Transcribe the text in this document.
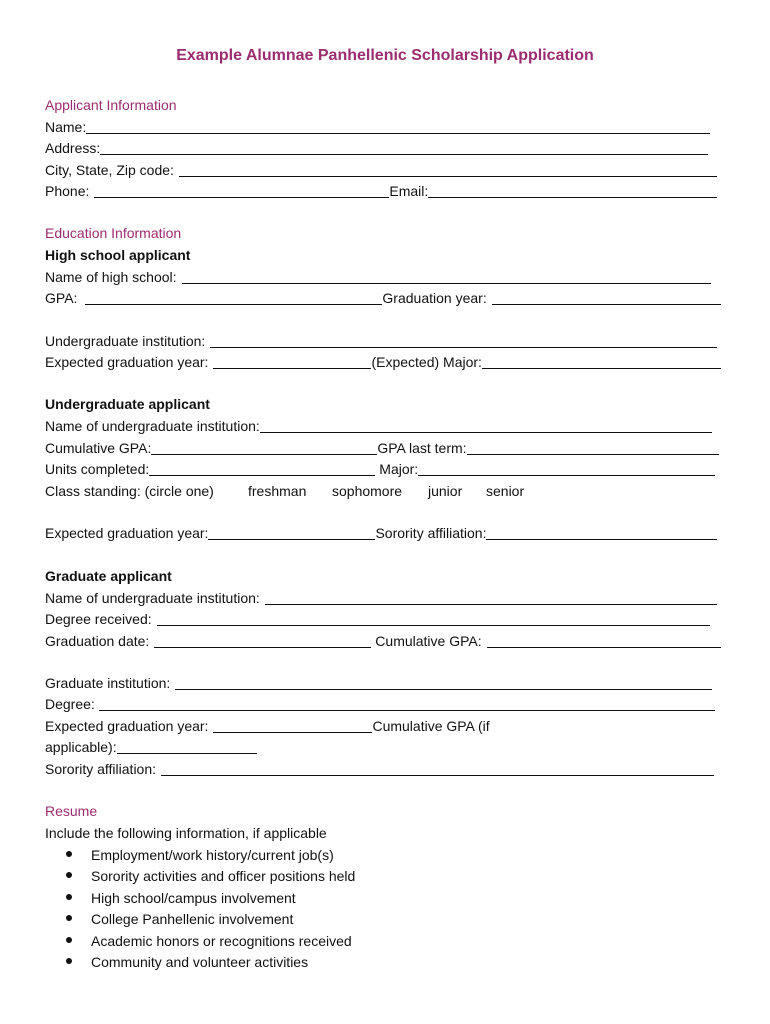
Example Alumnae Panhellenic Scholarship Application
Applicant Information
Name:
Address:
City, State, Zip code:
Phone:	Email:
Education Information
High school applicant
Name of high school:
GPA:	Graduation year:
Undergraduate institution:
Expected graduation year:	(Expected) Major:
Undergraduate applicant
Name of undergraduate institution:
Cumulative GPA:	GPA last term:
Units completed:	Major:
Class standing: (circle one) freshman sophomore junior senior
Expected graduation year:	Sorority affiliation:
Graduate applicant
Name of undergraduate institution:
Degree received:
Graduation date:	Cumulative GPA:
Graduate institution:
Degree:
Expected graduation year:	Cumulative GPA (if
applicable):
Sorority affiliation:
Resume
Include the following information, if applicable
Employment/work history/current job(s)
Sorority activities and officer positions held
High school/campus involvement
College Panhellenic involvement
Academic honors or recognitions received
Community and volunteer activities
